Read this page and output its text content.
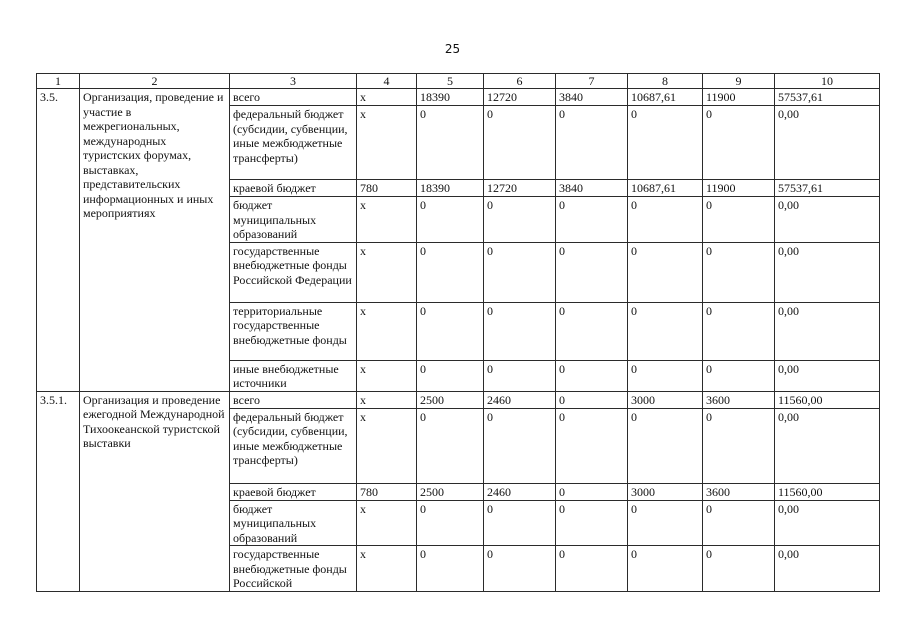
25
1	2	3	4	5	6	7	8	9	10
3.5.	Организация, проведение и участие в межрегиональных, международных туристских форумах, выставках, представительских информационных и иных мероприятиях	всего	х	18390	12720	3840	10687,61	11900	57537,61
		федеральный бюджет (субсидии, субвенции, иные межбюджетные трансферты)	х	0	0	0	0	0	0,00
		краевой бюджет	780	18390	12720	3840	10687,61	11900	57537,61
		бюджет муниципальных образований	х	0	0	0	0	0	0,00
		государственные внебюджетные фонды Российской Федерации	х	0	0	0	0	0	0,00
		территориальные государственные внебюджетные фонды	х	0	0	0	0	0	0,00
		иные внебюджетные источники	х	0	0	0	0	0	0,00
3.5.1.	Организация и проведение ежегодной Международной Тихоокеанской туристской выставки	всего	х	2500	2460	0	3000	3600	11560,00
		федеральный бюджет (субсидии, субвенции, иные межбюджетные трансферты)	х	0	0	0	0	0	0,00
		краевой бюджет	780	2500	2460	0	3000	3600	11560,00
		бюджет муниципальных образований	х	0	0	0	0	0	0,00
		государственные внебюджетные фонды Российской	х	0	0	0	0	0	0,00
